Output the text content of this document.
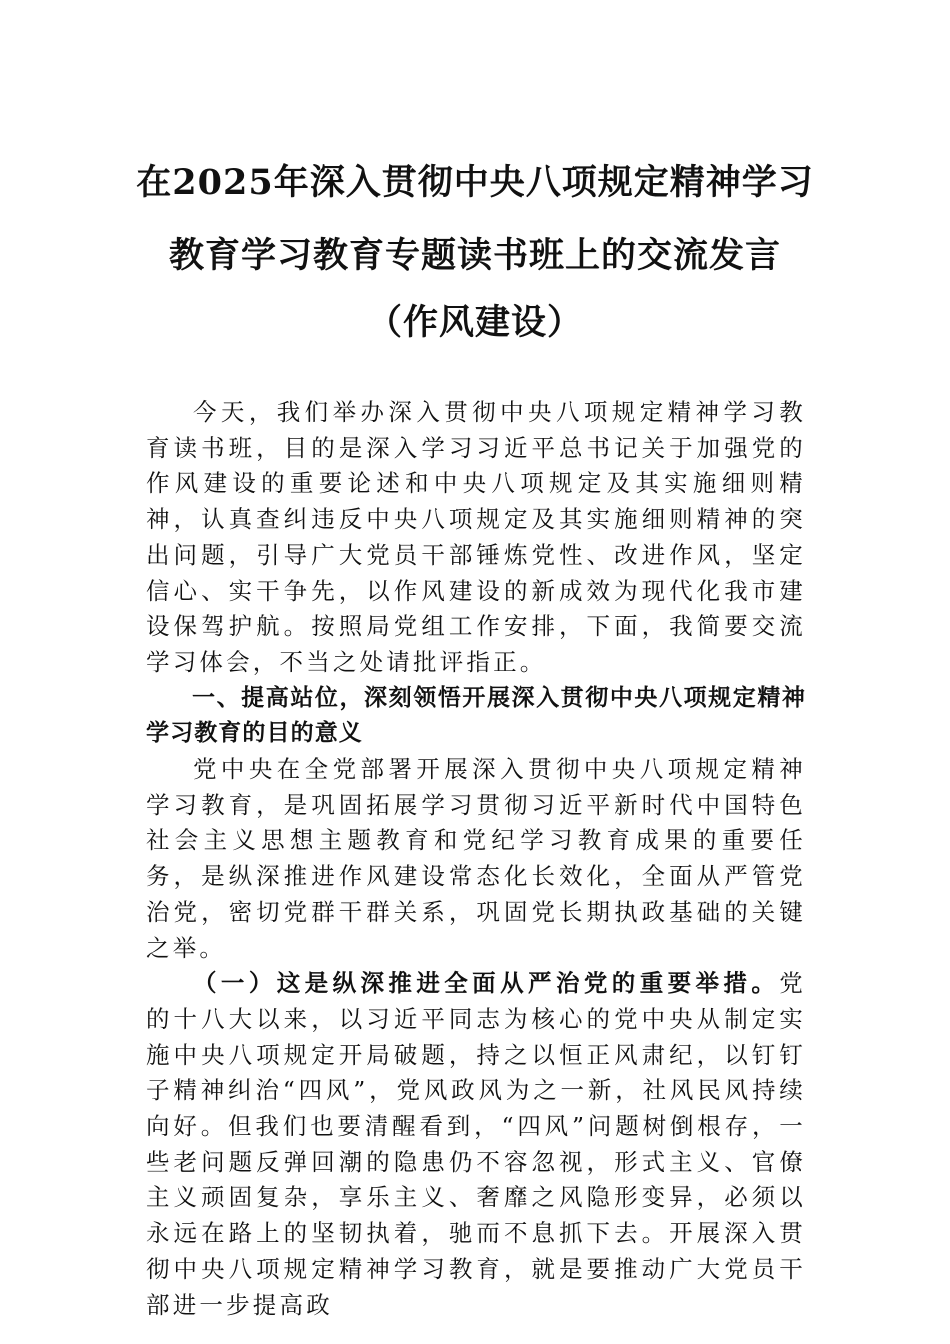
在2025年深入贯彻中央八项规定精神学习
教育学习教育专题读书班上的交流发言
（作风建设）

今天，我们举办深入贯彻中央八项规定精神学习教育读书班，目的是深入学习习近平总书记关于加强党的作风建设的重要论述和中央八项规定及其实施细则精神，认真查纠违反中央八项规定及其实施细则精神的突出问题，引导广大党员干部锤炼党性、改进作风，坚定信心、实干争先，以作风建设的新成效为现代化我市建设保驾护航。按照局党组工作安排，下面，我简要交流学习体会，不当之处请批评指正。

一、提高站位，深刻领悟开展深入贯彻中央八项规定精神学习教育的目的意义

党中央在全党部署开展深入贯彻中央八项规定精神学习教育，是巩固拓展学习贯彻习近平新时代中国特色社会主义思想主题教育和党纪学习教育成果的重要任务，是纵深推进作风建设常态化长效化，全面从严管党治党，密切党群干群关系，巩固党长期执政基础的关键之举。

（一）这是纵深推进全面从严治党的重要举措。党的十八大以来，以习近平同志为核心的党中央从制定实施中央八项规定开局破题，持之以恒正风肃纪，以钉钉子精神纠治“四风”，党风政风为之一新，社风民风持续向好。但我们也要清醒看到，“四风”问题树倒根存，一些老问题反弹回潮的隐患仍不容忽视，形式主义、官僚主义顽固复杂，享乐主义、奢靡之风隐形变异，必须以永远在路上的坚韧执着，驰而不息抓下去。开展深入贯彻中央八项规定精神学习教育，就是要推动广大党员干部进一步提高政
